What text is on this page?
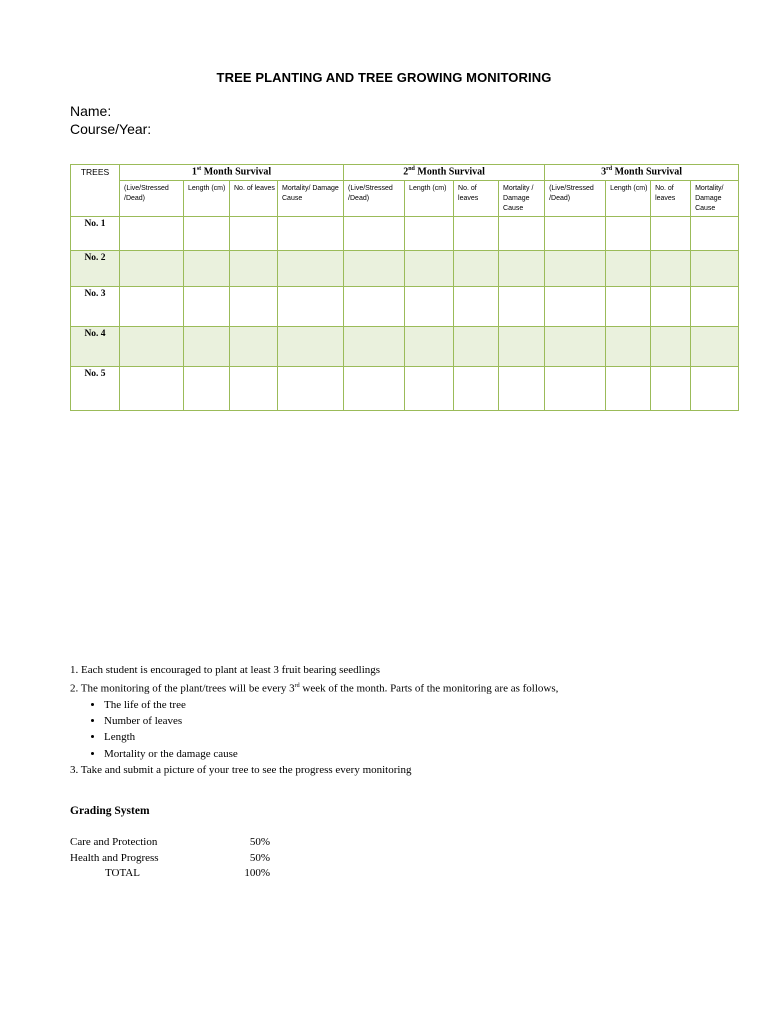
TREE PLANTING AND TREE GROWING MONITORING
Name:
Course/Year:
TREES	1st Month Survival				2nd Month Survival				3rd Month Survival			
	(Live/Stressed /Dead)	Length (cm)	No. of leaves	Mortality/ Damage Cause	(Live/Stressed /Dead)	Length (cm)	No. of leaves	Mortality / Damage Cause	(Live/Stressed /Dead)	Length (cm)	No. of leaves	Mortality/ Damage Cause
No. 1												
No. 2												
No. 3												
No. 4												
No. 5												

1. Each student is encouraged to plant at least 3 fruit bearing seedlings

2. The monitoring of the plant/trees will be every 3rd week of the month. Parts of the monitoring are as follows,

• The life of the tree
• Number of leaves
• Length
• Mortality or the damage cause

3. Take and submit a picture of your tree to see the progress every monitoring

Grading System
Care and Protection	50%
Health and Progress	50%
TOTAL	100%
